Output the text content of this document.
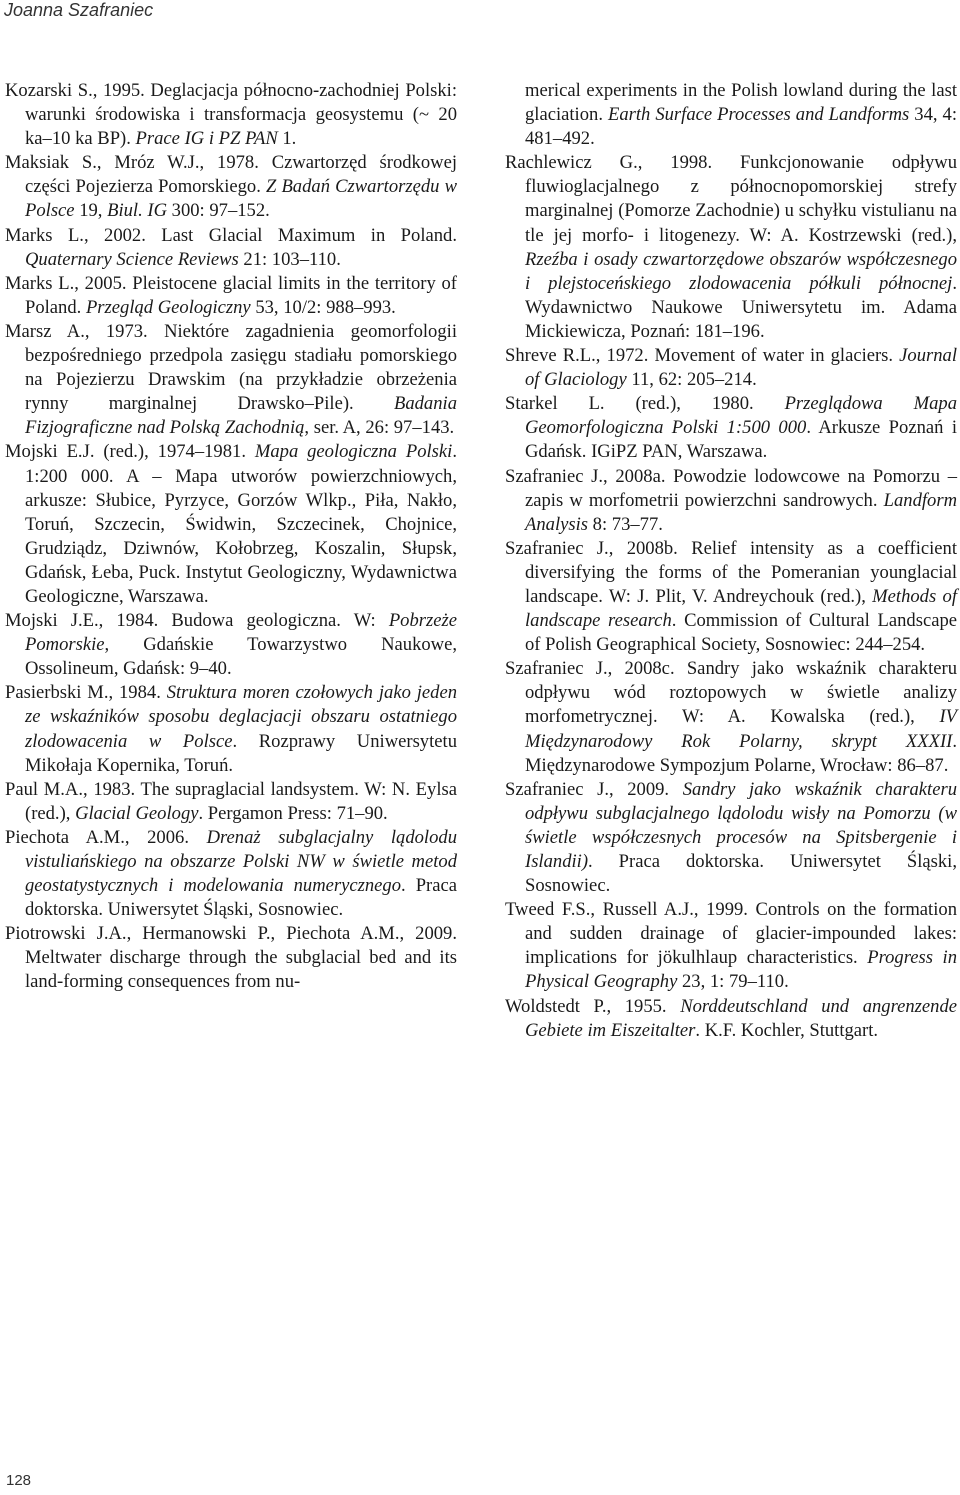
Joanna Szafraniec

Kozarski S., 1995. Deglacjacja północno-zachodniej Polski: warunki środowiska i transformacja geosystemu (~ 20 ka–10 ka BP). Prace IG i PZ PAN 1.

Maksiak S., Mróz W.J., 1978. Czwartorzęd środkowej części Pojezierza Pomorskiego. Z Badań Czwartorzędu w Polsce 19, Biul. IG 300: 97–152.

Marks L., 2002. Last Glacial Maximum in Poland. Quaternary Science Reviews 21: 103–110.

Marks L., 2005. Pleistocene glacial limits in the territory of Poland. Przegląd Geologiczny 53, 10/2: 988–993.

Marsz A., 1973. Niektóre zagadnienia geomorfologii bezpośredniego przedpola zasięgu stadiału pomorskiego na Pojezierzu Drawskim (na przykładzie obrzeżenia rynny marginalnej Drawsko–Pile). Badania Fizjograficzne nad Polską Zachodnią, ser. A, 26: 97–143.

Mojski E.J. (red.), 1974–1981. Mapa geologiczna Polski. 1:200 000. A – Mapa utworów powierzchniowych, arkusze: Słubice, Pyrzyce, Gorzów Wlkp., Piła, Nakło, Toruń, Szczecin, Świdwin, Szczecinek, Chojnice, Grudziądz, Dziwnów, Kołobrzeg, Koszalin, Słupsk, Gdańsk, Łeba, Puck. Instytut Geologiczny, Wydawnictwa Geologiczne, Warszawa.

Mojski J.E., 1984. Budowa geologiczna. W: Pobrzeże Pomorskie, Gdańskie Towarzystwo Naukowe, Ossolineum, Gdańsk: 9–40.

Pasierbski M., 1984. Struktura moren czołowych jako jeden ze wskaźników sposobu deglacjacji obszaru ostatniego zlodowacenia w Polsce. Rozprawy Uniwersytetu Mikołaja Kopernika, Toruń.

Paul M.A., 1983. The supraglacial landsystem. W: N. Eylsa (red.), Glacial Geology. Pergamon Press: 71–90.

Piechota A.M., 2006. Drenaż subglacjalny lądolodu vistuliańskiego na obszarze Polski NW w świetle metod geostatystycznych i modelowania numerycznego. Praca doktorska. Uniwersytet Śląski, Sosnowiec.

Piotrowski J.A., Hermanowski P., Piechota A.M., 2009. Meltwater discharge through the subglacial bed and its land-forming consequences from nu-

merical experiments in the Polish lowland during the last glaciation. Earth Surface Processes and Landforms 34, 4: 481–492.

Rachlewicz G., 1998. Funkcjonowanie odpływu fluwioglacjalnego z północnopomorskiej strefy marginalnej (Pomorze Zachodnie) u schyłku vistulianu na tle jej morfo- i litogenezy. W: A. Kostrzewski (red.), Rzeźba i osady czwartorzędowe obszarów współczesnego i plejstoceńskiego zlodowacenia półkuli północnej. Wydawnictwo Naukowe Uniwersytetu im. Adama Mickiewicza, Poznań: 181–196.

Shreve R.L., 1972. Movement of water in glaciers. Journal of Glaciology 11, 62: 205–214.

Starkel L. (red.), 1980. Przeglądowa Mapa Geomorfologiczna Polski 1:500 000. Arkusze Poznań i Gdańsk. IGiPZ PAN, Warszawa.

Szafraniec J., 2008a. Powodzie lodowcowe na Pomorzu – zapis w morfometrii powierzchni sandrowych. Landform Analysis 8: 73–77.

Szafraniec J., 2008b. Relief intensity as a coefficient diversifying the forms of the Pomeranian younglacial landscape. W: J. Plit, V. Andreychouk (red.), Methods of landscape research. Commission of Cultural Landscape of Polish Geographical Society, Sosnowiec: 244–254.

Szafraniec J., 2008c. Sandry jako wskaźnik charakteru odpływu wód roztopowych w świetle analizy morfometrycznej. W: A. Kowalska (red.), IV Międzynarodowy Rok Polarny, skrypt XXXII. Międzynarodowe Sympozjum Polarne, Wrocław: 86–87.

Szafraniec J., 2009. Sandry jako wskaźnik charakteru odpływu subglacjalnego lądolodu wisły na Pomorzu (w świetle współczesnych procesów na Spitsbergenie i Islandii). Praca doktorska. Uniwersytet Śląski, Sosnowiec.

Tweed F.S., Russell A.J., 1999. Controls on the formation and sudden drainage of glacier-impounded lakes: implications for jökulhlaup characteristics. Progress in Physical Geography 23, 1: 79–110.

Woldstedt P., 1955. Norddeutschland und angrenzende Gebiete im Eiszeitalter. K.F. Kochler, Stuttgart.

128
